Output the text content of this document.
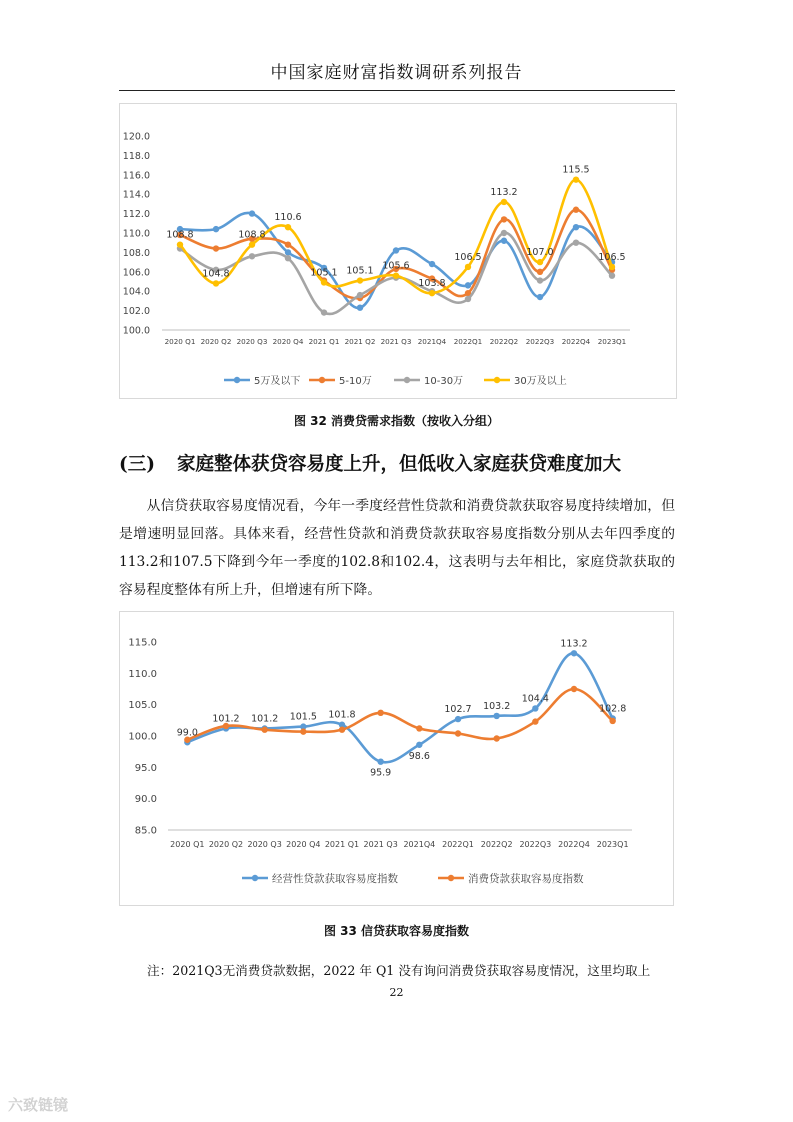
中国家庭财富指数调研系列报告
100.0
102.0
104.0
106.0
108.0
110.0
112.0
114.0
116.0
118.0
120.0
2020 Q1 2020 Q2 2020 Q3 2020 Q4 2021 Q1 2021 Q2 2021 Q3 2021Q4 2022Q1 2022Q2 2022Q3 2022Q4 2023Q1
108.8
104.8
108.8
110.6
105.1 105.1 105.6
103.8
106.5
113.2
107.0
115.5
106.5
5万及以下	5-10万	10-30万	30万及以上
图 32 消费贷需求指数（按收入分组）
(三) 家庭整体获贷容易度上升，但低收入家庭获贷难度加大
从信贷获取容易度情况看，今年一季度经营性贷款和消费贷款获取容易度持续增加，但是增速明显回落。具体来看，经营性贷款和消费贷款获取容易度指数分别从去年四季度的113.2和107.5下降到今年一季度的102.8和102.4，这表明与去年相比，家庭贷款获取的容易程度整体有所上升，但增速有所下降。
85.0
90.0
95.0
100.0
105.0
110.0
115.0
2020 Q1 2020 Q2 2020 Q3 2020 Q4 2021 Q1 2021 Q3 2021Q4 2022Q1 2022Q2 2022Q3 2022Q4 2023Q1
99.0
101.2 101.2 101.5 101.8
95.9
98.6
102.7 103.2
104.4
113.2
102.8
经营性贷款获取容易度指数	消费贷款获取容易度指数
图 33 信贷获取容易度指数
注：2021Q3无消费贷款数据，2022 年 Q1 没有询问消费贷获取容易度情况，这里均取上
22
六致链镜
